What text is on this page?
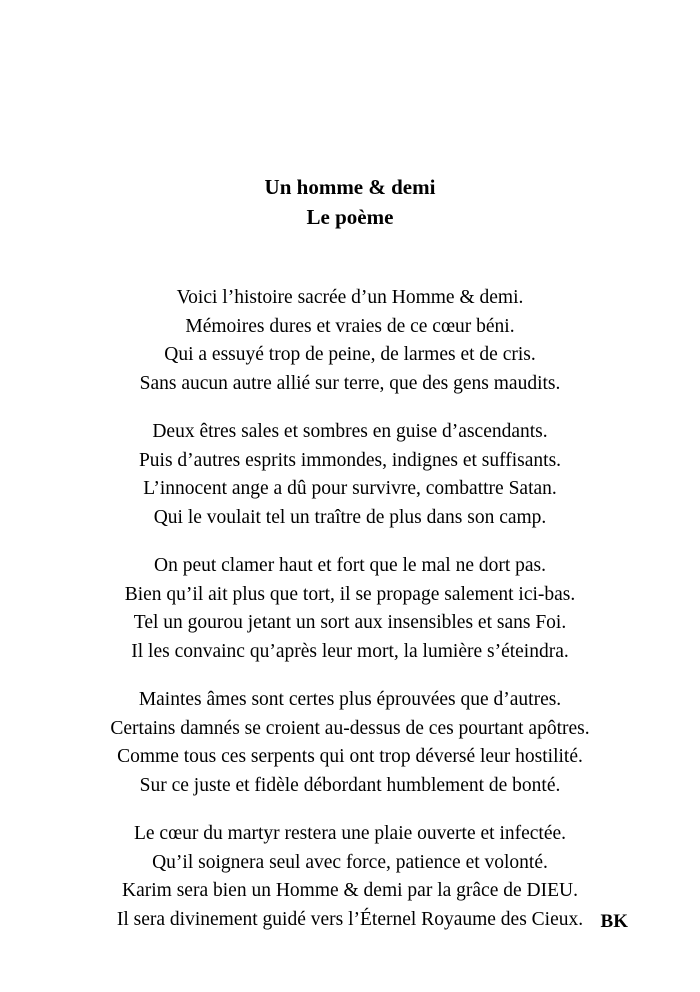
Un homme & demi
Le poème
Voici l’histoire sacrée d’un Homme & demi.
Mémoires dures et vraies de ce cœur béni.
Qui a essuyé trop de peine, de larmes et de cris.
Sans aucun autre allié sur terre, que des gens maudits.
Deux êtres sales et sombres en guise d’ascendants.
Puis d’autres esprits immondes, indignes et suffisants.
L’innocent ange a dû pour survivre, combattre Satan.
Qui le voulait tel un traître de plus dans son camp.
On peut clamer haut et fort que le mal ne dort pas.
Bien qu’il ait plus que tort, il se propage salement ici-bas.
Tel un gourou jetant un sort aux insensibles et sans Foi.
Il les convainc qu’après leur mort, la lumière s’éteindra.
Maintes âmes sont certes plus éprouvées que d’autres.
Certains damnés se croient au-dessus de ces pourtant apôtres.
Comme tous ces serpents qui ont trop déversé leur hostilité.
Sur ce juste et fidèle débordant humblement de bonté.
Le cœur du martyr restera une plaie ouverte et infectée.
Qu’il soignera seul avec force, patience et volonté.
Karim sera bien un Homme & demi par la grâce de DIEU.
Il sera divinement guidé vers l’Éternel Royaume des Cieux. BK
